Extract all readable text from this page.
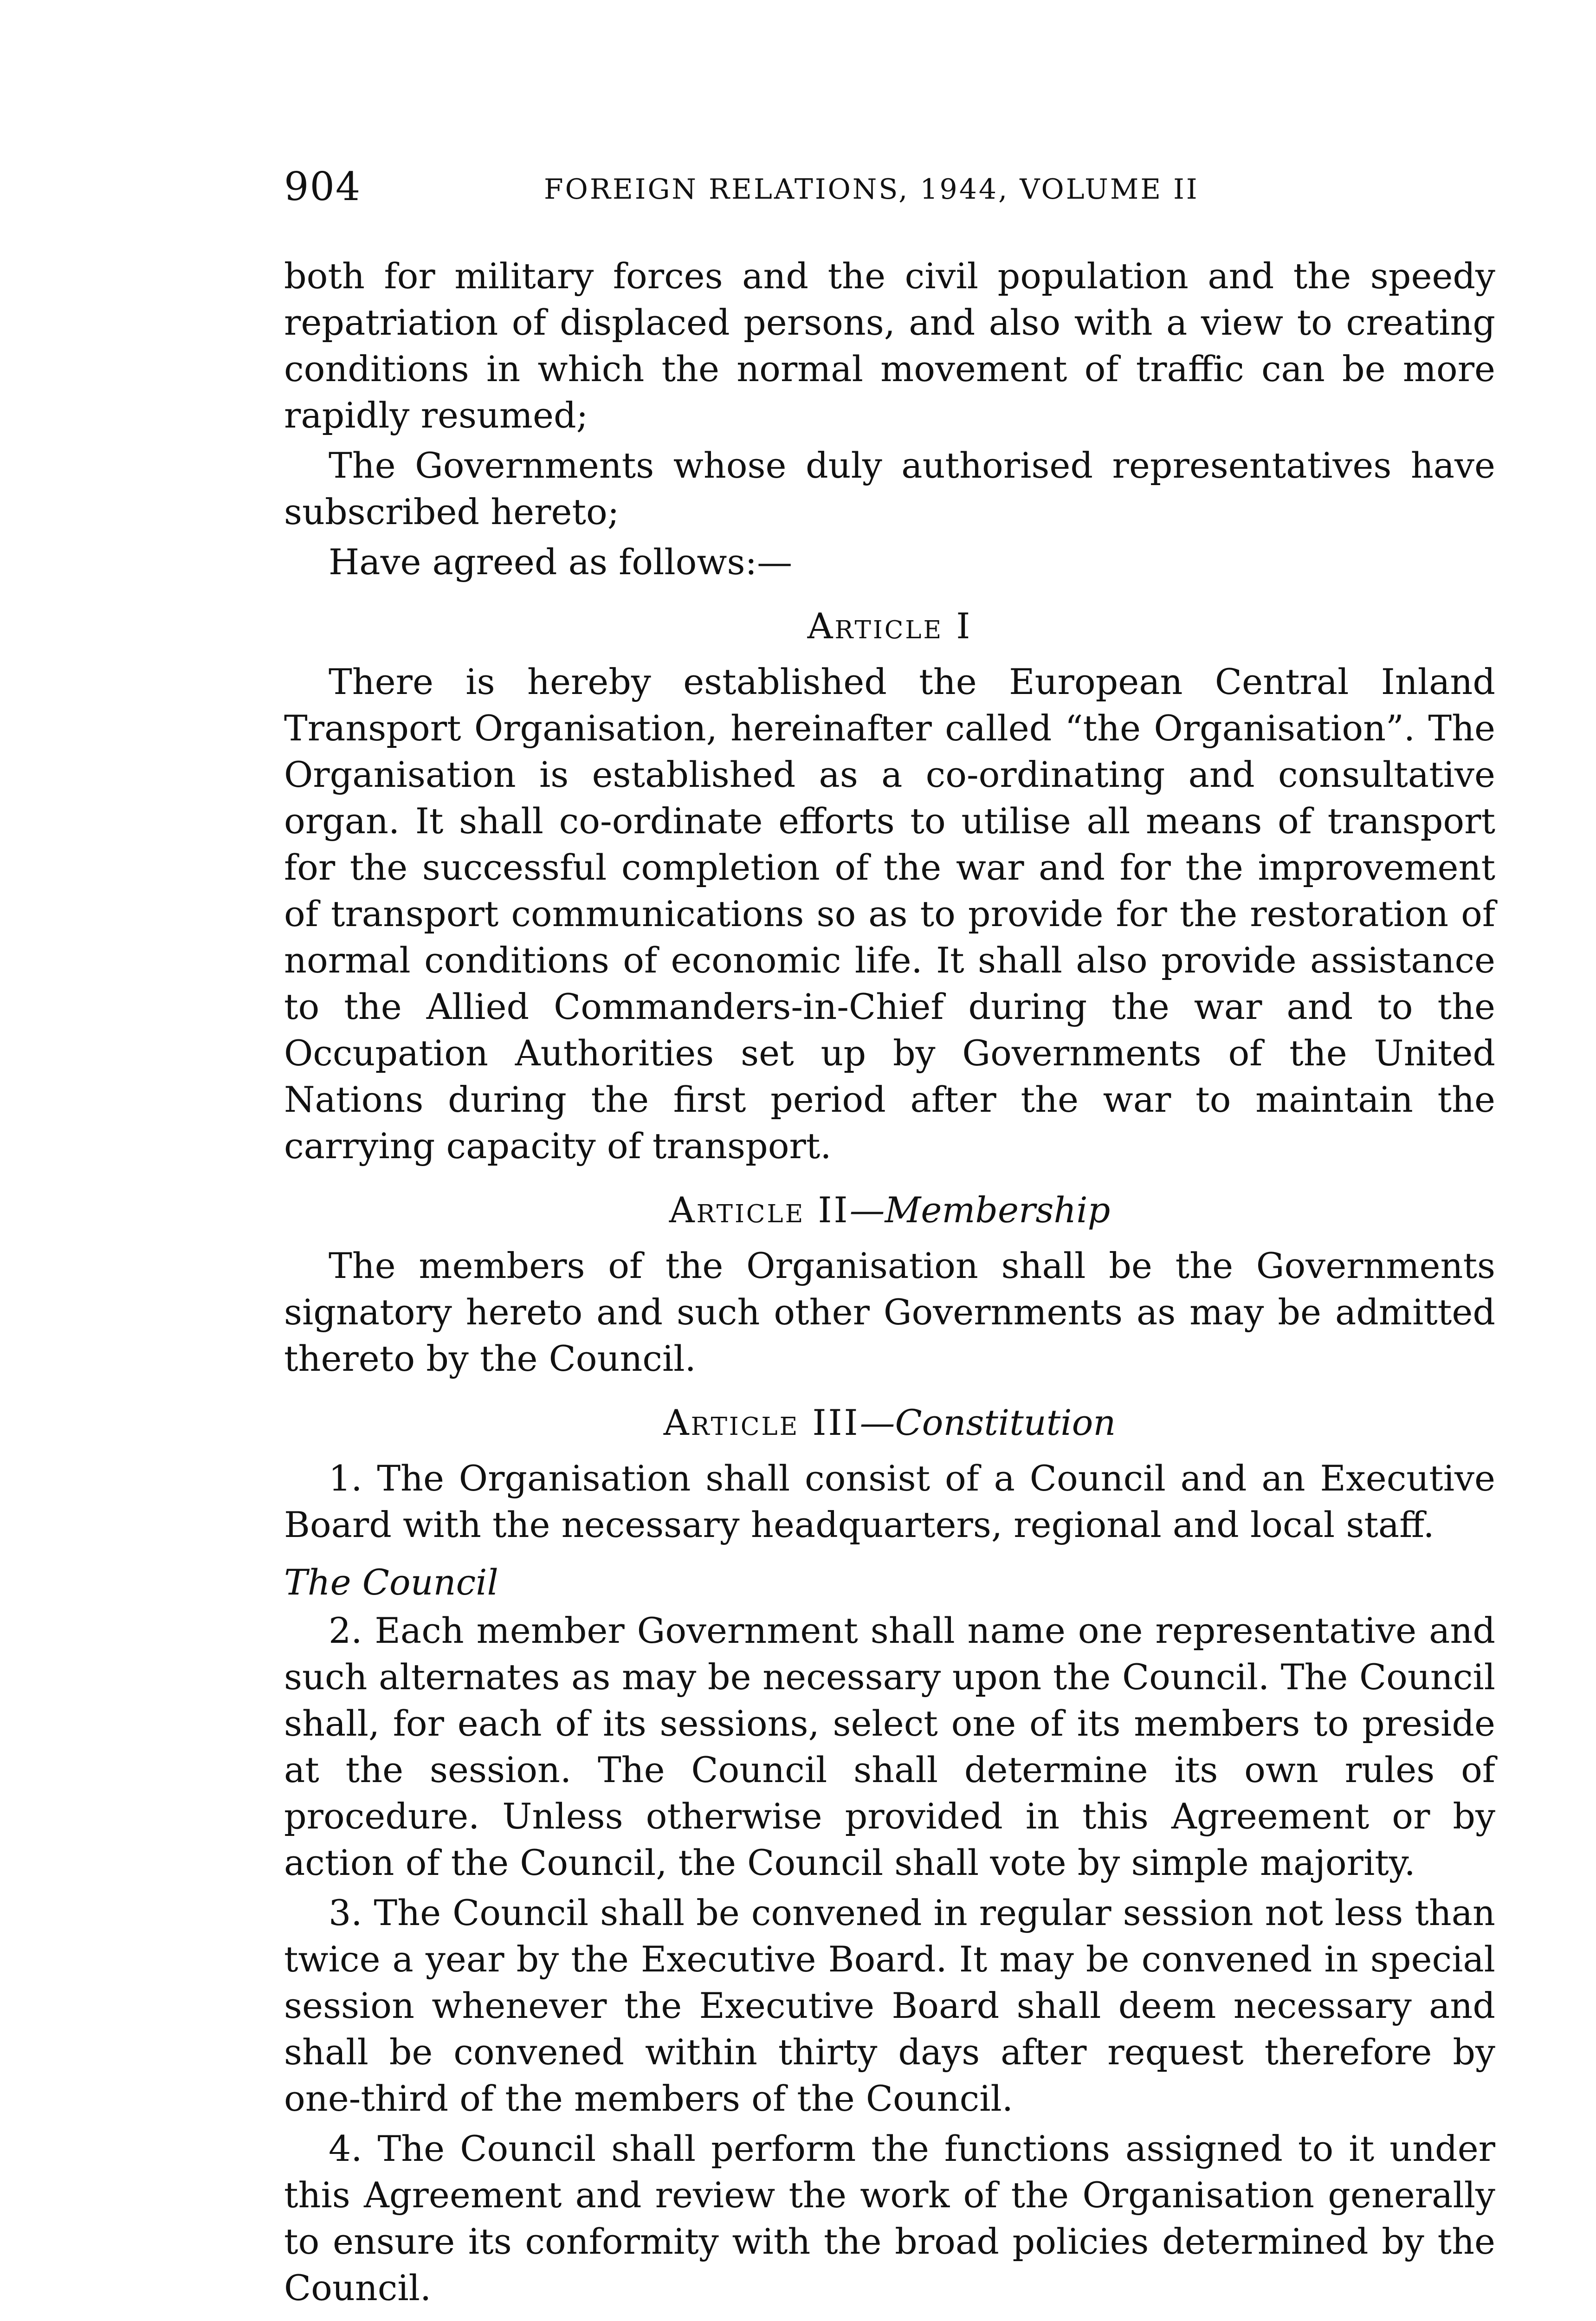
904	FOREIGN RELATIONS, 1944, VOLUME II

both for military forces and the civil population and the speedy repatriation of displaced persons, and also with a view to creating conditions in which the normal movement of traffic can be more rapidly resumed;

The Governments whose duly authorised representatives have subscribed hereto;

Have agreed as follows:—

Article I

There is hereby established the European Central Inland Transport Organisation, hereinafter called “the Organisation”. The Organisation is established as a co-ordinating and consultative organ. It shall co-ordinate efforts to utilise all means of transport for the successful completion of the war and for the improvement of transport communications so as to provide for the restoration of normal conditions of economic life. It shall also provide assistance to the Allied Commanders-in-Chief during the war and to the Occupation Authorities set up by Governments of the United Nations during the first period after the war to maintain the carrying capacity of transport.

Article II—Membership

The members of the Organisation shall be the Governments signatory hereto and such other Governments as may be admitted thereto by the Council.

Article III—Constitution

1. The Organisation shall consist of a Council and an Executive Board with the necessary headquarters, regional and local staff.

The Council

2. Each member Government shall name one representative and such alternates as may be necessary upon the Council. The Council shall, for each of its sessions, select one of its members to preside at the session. The Council shall determine its own rules of procedure. Unless otherwise provided in this Agreement or by action of the Council, the Council shall vote by simple majority.

3. The Council shall be convened in regular session not less than twice a year by the Executive Board. It may be convened in special session whenever the Executive Board shall deem necessary and shall be convened within thirty days after request therefore by one-third of the members of the Council.

4. The Council shall perform the functions assigned to it under this Agreement and review the work of the Organisation generally to ensure its conformity with the broad policies determined by the Council.
